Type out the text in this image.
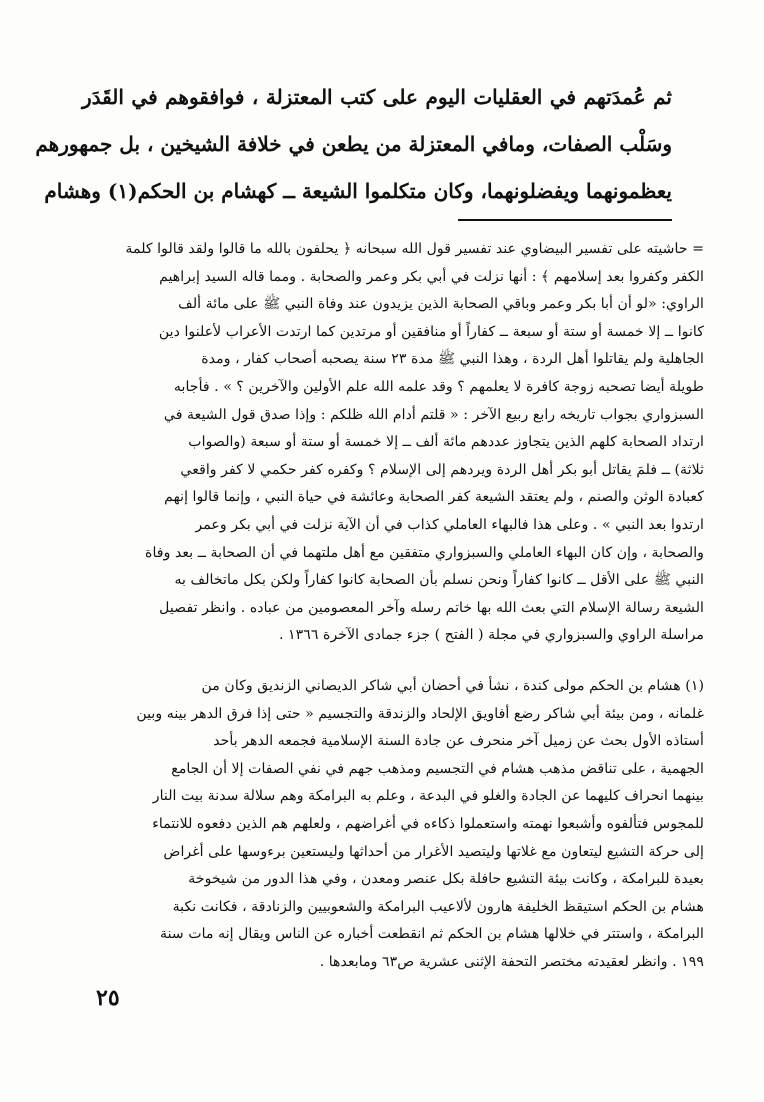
ثم عُمدَتهم في العقليات اليوم على كتب المعتزلة ، فوافقوهم في القَدَر

وسَلْب الصفات، ومافي المعتزلة من يطعن في خلافة الشيخين ، بل جمهورهم

يعظمونهما ويفضلونهما، وكان متكلموا الشيعة ــ كهشام بن الحكم(١) وهشام

= حاشيته على تفسير البيضاوي عند تفسير قول الله سبحانه ﴿ يحلفون بالله ما قالوا ولقد قالوا كلمة

الكفر وكفروا بعد إسلامهم ﴾ : أنها نزلت في أبي بكر وعمر والصحابة . ومما قاله السيد إبراهيم

الراوي: «لو أن أبا بكر وعمر وباقي الصحابة الذين يزيدون عند وفاة النبي ﷺ على مائة ألف

كانوا ــ إلا خمسة أو ستة أو سبعة ــ كفاراً أو منافقين أو مرتدين كما ارتدت الأعراب لأعلنوا دين

الجاهلية ولم يقاتلوا أهل الردة ، وهذا النبي ﷺ مدة ٢٣ سنة يصحبه أصحاب كفار ، ومدة

طويلة أيضا تصحبه زوجة كافرة لا يعلمهم ؟ وقد علمه الله علم الأولين والآخرين ؟ » . فأجابه

السبزواري بجواب تاريخه رابع ربيع الآخر : « قلتم أدام الله ظلكم : وإذا صدق قول الشيعة في

ارتداد الصحابة كلهم الذين يتجاوز عددهم مائة ألف ــ إلا خمسة أو ستة أو سبعة (والصواب

ثلاثة) ــ فلمَ يقاتل أبو بكر أهل الردة ويردهم إلى الإسلام ؟ وكفره كفر حكمي لا كفر واقعي

كعبادة الوثن والصنم ، ولم يعتقد الشيعة كفر الصحابة وعائشة في حياة النبي ، وإنما قالوا إنهم

ارتدوا بعد النبي » . وعلى هذا فالبهاء العاملي كذاب في أن الآية نزلت في أبي بكر وعمر

والصحابة ، وإن كان البهاء العاملي والسبزواري متفقين مع أهل ملتهما في أن الصحابة ــ بعد وفاة

النبي ﷺ على الأقل ــ كانوا كفاراً ونحن نسلم بأن الصحابة كانوا كفاراً ولكن بكل ماتخالف به

الشيعة رسالة الإسلام التي بعث الله بها خاتم رسله وآخر المعصومين من عباده . وانظر تفصيل

مراسلة الراوي والسبزواري في مجلة ( الفتح ) جزء جمادى الآخرة ١٣٦٦ .

(١) هشام بن الحكم مولى كندة ، نشأ في أحضان أبي شاكر الديصاني الزنديق وكان من

غلمانه ، ومن بيئة أبي شاكر رضع أفاويق الإلحاد والزندقة والتجسيم « حتى إذا فرق الدهر بينه وبين

أستاذه الأول بحث عن زميل آخر منحرف عن جادة السنة الإسلامية فجمعه الدهر بأحد

الجهمية ، على تناقض مذهب هشام في التجسيم ومذهب جهم في نفي الصفات إلا أن الجامع

بينهما انحراف كليهما عن الجادة والغلو في البدعة ، وعلم به البرامكة وهم سلالة سدنة بيت النار

للمجوس فتألفوه وأشبعوا نهمته واستعملوا ذكاءه في أغراضهم ، ولعلهم هم الذين دفعوه للانتماء

إلى حركة التشيع ليتعاون مع غلاتها وليتصيد الأغرار من أحداثها وليستعين برءوسها على أغراض

بعيدة للبرامكة ، وكانت بيئة التشيع حافلة بكل عنصر ومعدن ، وفي هذا الدور من شيخوخة

هشام بن الحكم استيقظ الخليفة هارون لألاعيب البرامكة والشعوبيين والزنادقة ، فكانت نكبة

البرامكة ، واستتر في خلالها هشام بن الحكم ثم انقطعت أخباره عن الناس ويقال إنه مات سنة

١٩٩ . وانظر لعقيدته مختصر التحفة الإثنى عشرية ص٦٣ ومابعدها .

٢٥
